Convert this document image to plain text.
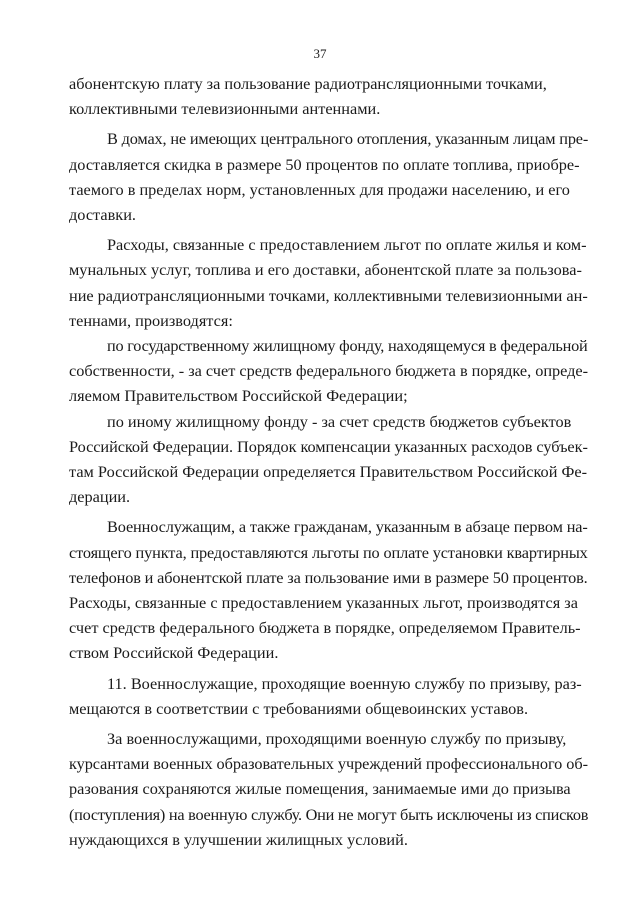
37

абонентскую плату за пользование радиотрансляционными точками,
коллективными телевизионными антеннами.

В домах, не имеющих центрального отопления, указанным лицам пре-
доставляется скидка в размере 50 процентов по оплате топлива, приобре-
таемого в пределах норм, установленных для продажи населению, и его
доставки.

Расходы, связанные с предоставлением льгот по оплате жилья и ком-
мунальных услуг, топлива и его доставки, абонентской плате за пользова-
ние радиотрансляционными точками, коллективными телевизионными ан-
теннами, производятся:

по государственному жилищному фонду, находящемуся в федеральной
собственности, - за счет средств федерального бюджета в порядке, опреде-
ляемом Правительством Российской Федерации;

по иному жилищному фонду - за счет средств бюджетов субъектов
Российской Федерации. Порядок компенсации указанных расходов субъек-
там Российской Федерации определяется Правительством Российской Фе-
дерации.

Военнослужащим, а также гражданам, указанным в абзаце первом на-
стоящего пункта, предоставляются льготы по оплате установки квартирных
телефонов и абонентской плате за пользование ими в размере 50 процентов.
Расходы, связанные с предоставлением указанных льгот, производятся за
счет средств федерального бюджета в порядке, определяемом Правитель-
ством Российской Федерации.

11. Военнослужащие, проходящие военную службу по призыву, раз-
мещаются в соответствии с требованиями общевоинских уставов.

За военнослужащими, проходящими военную службу по призыву,
курсантами военных образовательных учреждений профессионального об-
разования сохраняются жилые помещения, занимаемые ими до призыва
(поступления) на военную службу. Они не могут быть исключены из списков
нуждающихся в улучшении жилищных условий.
